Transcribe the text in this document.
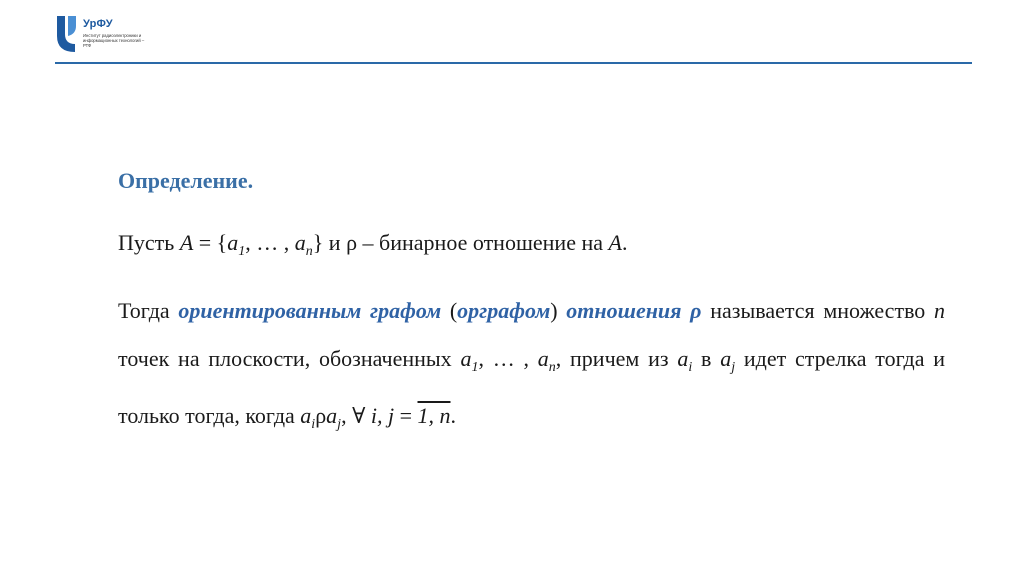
УрФУ
Институт радиоэлектроники и информационных технологий – РТФ
Определение.

Пусть $A = \{a_1$, … , $a_n$} и ρ – бинарное отношение на A.

Тогда ориентированным графом (орграфом) отношения ρ называется множество n точек на плоскости, обозначенных $a_1$, … , $a_n$, причем из $a_i$ в $a_j$ идет стрелка тогда и только тогда, когда $a_i\rho a_j$, ∀ i, j = 1, n.
